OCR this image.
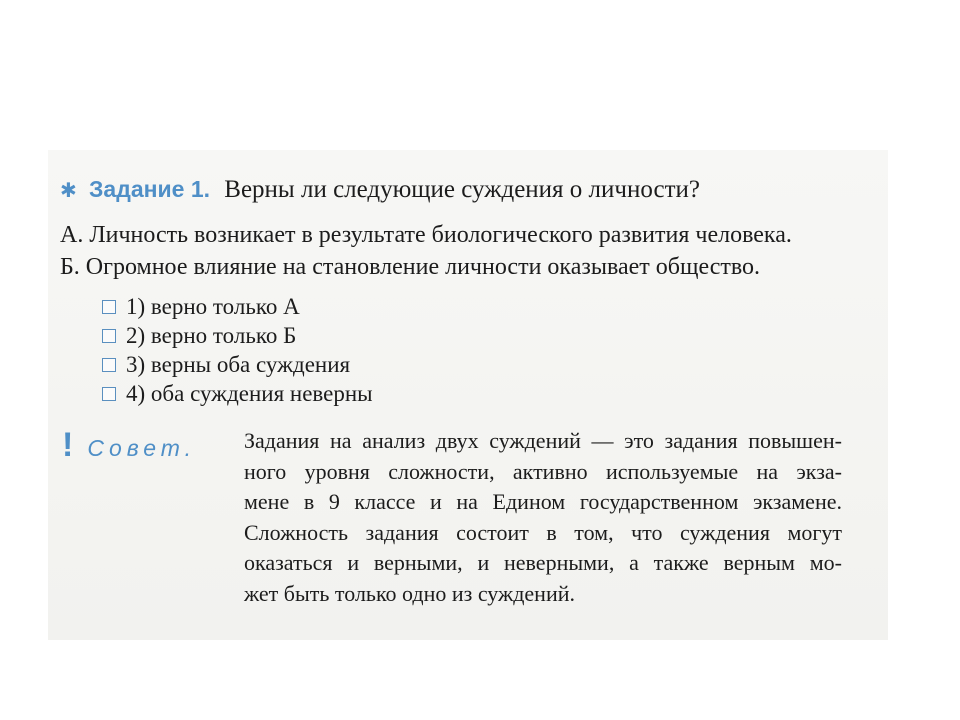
✱ Задание 1. Верны ли следующие суждения о личности?
А. Личность возникает в результате биологического развития человека.
Б. Огромное влияние на становление личности оказывает общество.
1) верно только А
2) верно только Б
3) верны оба суждения
4) оба суждения неверны
! Совет. Задания на анализ двух суждений — это задания повышен-
ного уровня сложности, активно используемые на экза-
мене в 9 классе и на Едином государственном экзамене.
Сложность задания состоит в том, что суждения могут
оказаться и верными, и неверными, а также верным мо-
жет быть только одно из суждений.
